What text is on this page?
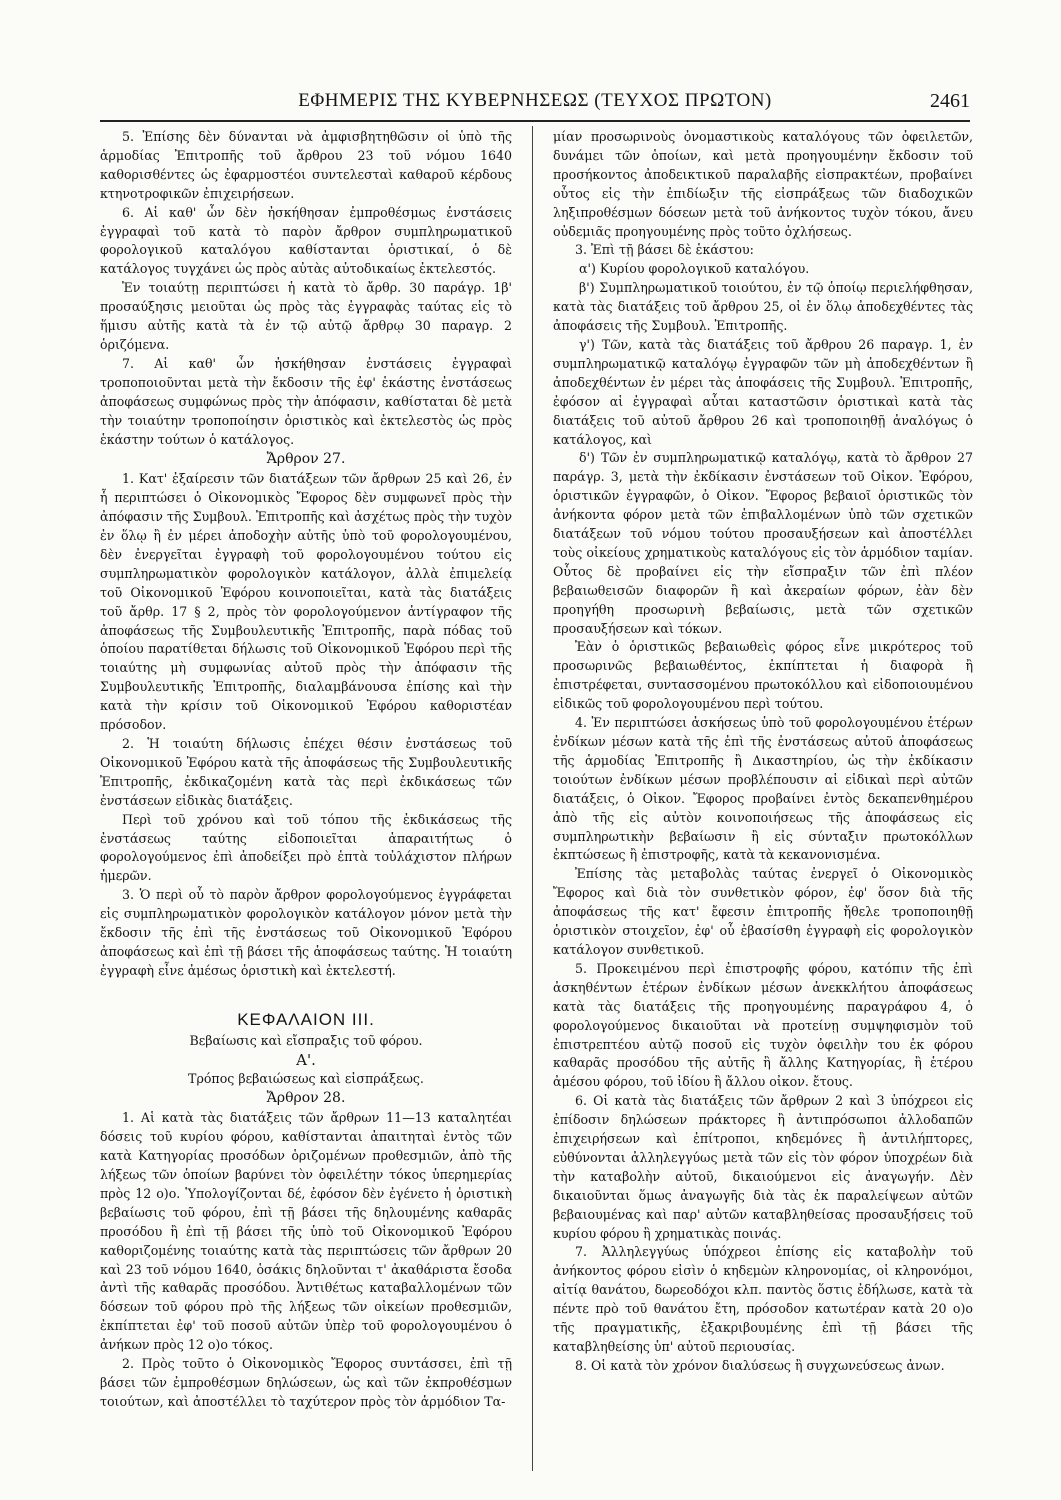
ΕΦΗΜΕΡΙΣ ΤΗΣ ΚΥΒΕΡΝΗΣΕΩΣ (ΤΕΥΧΟΣ ΠΡΩΤΟΝ)	2461

5. Ἐπίσης δὲν δύνανται νὰ ἀμφισβητηθῶσιν οἱ ὑπὸ τῆς ἁρμοδίας Ἐπιτροπῆς τοῦ ἄρθρου 23 τοῦ νόμου 1640 καθορισθέντες ὡς ἐφαρμοστέοι συντελεσταὶ καθαροῦ κέρδους κτηνοτροφικῶν ἐπιχειρήσεων.

6. Αἱ καθ' ὧν δὲν ἠσκήθησαν ἐμπροθέσμως ἐνστάσεις ἐγγραφαὶ τοῦ κατὰ τὸ παρὸν ἄρθρον συμπληρωματικοῦ φορολογικοῦ καταλόγου καθίστανται ὁριστικαί, ὁ δὲ κατάλογος τυγχάνει ὡς πρὸς αὐτὰς αὐτοδικαίως ἐκτελεστός.

Ἐν τοιαύτῃ περιπτώσει ἡ κατὰ τὸ ἄρθρ. 30 παράγρ. 1β' προσαύξησις μειοῦται ὡς πρὸς τὰς ἐγγραφὰς ταύτας εἰς τὸ ἥμισυ αὐτῆς κατὰ τὰ ἐν τῷ αὐτῷ ἄρθρῳ 30 παραγρ. 2 ὁριζόμενα.

7. Αἱ καθ' ὧν ἠσκήθησαν ἐνστάσεις ἐγγραφαὶ τροποποιοῦνται μετὰ τὴν ἔκδοσιν τῆς ἐφ' ἑκάστης ἐνστάσεως ἀποφάσεως συμφώνως πρὸς τὴν ἀπόφασιν, καθίσταται δὲ μετὰ τὴν τοιαύτην τροποποίησιν ὁριστικὸς καὶ ἐκτελεστὸς ὡς πρὸς ἑκάστην τούτων ὁ κατάλογος.

Ἄρθρον 27.

1. Κατ' ἐξαίρεσιν τῶν διατάξεων τῶν ἄρθρων 25 καὶ 26, ἐν ἧ περιπτώσει ὁ Οἰκονομικὸς Ἔφορος δὲν συμφωνεῖ πρὸς τὴν ἀπόφασιν τῆς Συμβουλ. Ἐπιτροπῆς καὶ ἀσχέτως πρὸς τὴν τυχὸν ἐν ὅλῳ ἢ ἐν μέρει ἀποδοχὴν αὐτῆς ὑπὸ τοῦ φορολογουμένου, δὲν ἐνεργεῖται ἐγγραφὴ τοῦ φορολογουμένου τούτου εἰς συμπληρωματικὸν φορολογικὸν κατάλογον, ἀλλὰ ἐπιμελείᾳ τοῦ Οἰκονομικοῦ Ἐφόρου κοινοποιεῖται, κατὰ τὰς διατάξεις τοῦ ἄρθρ. 17 § 2, πρὸς τὸν φορολογούμενον ἀντίγραφον τῆς ἀποφάσεως τῆς Συμβουλευτικῆς Ἐπιτροπῆς, παρὰ πόδας τοῦ ὁποίου παρατίθεται δήλωσις τοῦ Οἰκονομικοῦ Ἐφόρου περὶ τῆς τοιαύτης μὴ συμφωνίας αὐτοῦ πρὸς τὴν ἀπόφασιν τῆς Συμβουλευτικῆς Ἐπιτροπῆς, διαλαμβάνουσα ἐπίσης καὶ τὴν κατὰ τὴν κρίσιν τοῦ Οἰκονομικοῦ Ἐφόρου καθοριστέαν πρόσοδον.

2. Ἡ τοιαύτη δήλωσις ἐπέχει θέσιν ἐνστάσεως τοῦ Οἰκονομικοῦ Ἐφόρου κατὰ τῆς ἀποφάσεως τῆς Συμβουλευτικῆς Ἐπιτροπῆς, ἐκδικαζομένη κατὰ τὰς περὶ ἐκδικάσεως τῶν ἐνστάσεων εἰδικὰς διατάξεις.

Περὶ τοῦ χρόνου καὶ τοῦ τόπου τῆς ἐκδικάσεως τῆς ἐνστάσεως ταύτης εἰδοποιεῖται ἀπαραιτήτως ὁ φορολογούμενος ἐπὶ ἀποδείξει πρὸ ἑπτὰ τοὐλάχιστον πλήρων ἡμερῶν.

3. Ὁ περὶ οὗ τὸ παρὸν ἄρθρον φορολογούμενος ἐγγράφεται εἰς συμπληρωματικὸν φορολογικὸν κατάλογον μόνον μετὰ τὴν ἔκδοσιν τῆς ἐπὶ τῆς ἐνστάσεως τοῦ Οἰκονομικοῦ Ἐφόρου ἀποφάσεως καὶ ἐπὶ τῇ βάσει τῆς ἀποφάσεως ταύτης. Ἡ τοιαύτη ἐγγραφὴ εἶνε ἀμέσως ὁριστικὴ καὶ ἐκτελεστή.

ΚΕΦΑΛΑΙΟΝ ΙΙΙ.

Βεβαίωσις καὶ εἴσπραξις τοῦ φόρου.

Α'.

Τρόπος βεβαιώσεως καὶ εἰσπράξεως.

Ἄρθρον 28.

1. Αἱ κατὰ τὰς διατάξεις τῶν ἄρθρων 11—13 καταλητέαι δόσεις τοῦ κυρίου φόρου, καθίστανται ἀπαιτηταὶ ἐντὸς τῶν κατὰ Κατηγορίας προσόδων ὁριζομένων προθεσμιῶν, ἀπὸ τῆς λήξεως τῶν ὁποίων βαρύνει τὸν ὀφειλέτην τόκος ὑπερημερίας πρὸς 12 ο)ο. Ὑπολογίζονται δέ, ἐφόσον δὲν ἐγένετο ἡ ὁριστικὴ βεβαίωσις τοῦ φόρου, ἐπὶ τῇ βάσει τῆς δηλουμένης καθαρᾶς προσόδου ἢ ἐπὶ τῇ βάσει τῆς ὑπὸ τοῦ Οἰκονομικοῦ Ἐφόρου καθοριζομένης τοιαύτης κατὰ τὰς περιπτώσεις τῶν ἄρθρων 20 καὶ 23 τοῦ νόμου 1640, ὁσάκις δηλοῦνται τ' ἀκαθάριστα ἔσοδα ἀντὶ τῆς καθαρᾶς προσόδου. Ἀντιθέτως καταβαλλομένων τῶν δόσεων τοῦ φόρου πρὸ τῆς λήξεως τῶν οἰκείων προθεσμιῶν, ἐκπίπτεται ἐφ' τοῦ ποσοῦ αὐτῶν ὑπὲρ τοῦ φορολογουμένου ὁ ἀνήκων πρὸς 12 ο)ο τόκος.

2. Πρὸς τοῦτο ὁ Οἰκονομικὸς Ἔφορος συντάσσει, ἐπὶ τῇ βάσει τῶν ἐμπροθέσμων δηλώσεων, ὡς καὶ τῶν ἐκπροθέσμων τοιούτων, καὶ ἀποστέλλει τὸ ταχύτερον πρὸς τὸν ἁρμόδιον Τα-

μίαν προσωρινοὺς ὀνομαστικοὺς καταλόγους τῶν ὀφειλετῶν, δυνάμει τῶν ὁποίων, καὶ μετὰ προηγουμένην ἔκδοσιν τοῦ προσήκοντος ἀποδεικτικοῦ παραλαβῆς εἰσπρακτέων, προβαίνει οὗτος εἰς τὴν ἐπιδίωξιν τῆς εἰσπράξεως τῶν διαδοχικῶν ληξιπροθέσμων δόσεων μετὰ τοῦ ἀνήκοντος τυχὸν τόκου, ἄνευ οὐδεμιᾶς προηγουμένης πρὸς τοῦτο ὀχλήσεως.

3. Ἐπὶ τῇ βάσει δὲ ἑκάστου:

α') Κυρίου φορολογικοῦ καταλόγου.

β') Συμπληρωματικοῦ τοιούτου, ἐν τῷ ὁποίῳ περιελήφθησαν, κατὰ τὰς διατάξεις τοῦ ἄρθρου 25, οἱ ἐν ὅλῳ ἀποδεχθέντες τὰς ἀποφάσεις τῆς Συμβουλ. Ἐπιτροπῆς.

γ') Τῶν, κατὰ τὰς διατάξεις τοῦ ἄρθρου 26 παραγρ. 1, ἐν συμπληρωματικῷ καταλόγῳ ἐγγραφῶν τῶν μὴ ἀποδεχθέντων ἢ ἀποδεχθέντων ἐν μέρει τὰς ἀποφάσεις τῆς Συμβουλ. Ἐπιτροπῆς, ἐφόσον αἱ ἐγγραφαὶ αὗται καταστῶσιν ὁριστικαὶ κατὰ τὰς διατάξεις τοῦ αὐτοῦ ἄρθρου 26 καὶ τροποποιηθῇ ἀναλόγως ὁ κατάλογος, καὶ

δ') Τῶν ἐν συμπληρωματικῷ καταλόγῳ, κατὰ τὸ ἄρθρον 27 παράγρ. 3, μετὰ τὴν ἐκδίκασιν ἐνστάσεων τοῦ Οἰκον. Ἐφόρου, ὁριστικῶν ἐγγραφῶν, ὁ Οἰκον. Ἔφορος βεβαιοῖ ὁριστικῶς τὸν ἀνήκοντα φόρον μετὰ τῶν ἐπιβαλλομένων ὑπὸ τῶν σχετικῶν διατάξεων τοῦ νόμου τούτου προσαυξήσεων καὶ ἀποστέλλει τοὺς οἰκείους χρηματικοὺς καταλόγους εἰς τὸν ἁρμόδιον ταμίαν. Οὗτος δὲ προβαίνει εἰς τὴν εἴσπραξιν τῶν ἐπὶ πλέον βεβαιωθεισῶν διαφορῶν ἢ καὶ ἀκεραίων φόρων, ἐὰν δὲν προηγήθη προσωρινὴ βεβαίωσις, μετὰ τῶν σχετικῶν προσαυξήσεων καὶ τόκων.

Ἐὰν ὁ ὁριστικῶς βεβαιωθεὶς φόρος εἶνε μικρότερος τοῦ προσωρινῶς βεβαιωθέντος, ἐκπίπτεται ἡ διαφορὰ ἢ ἐπιστρέφεται, συντασσομένου πρωτοκόλλου καὶ εἰδοποιουμένου εἰδικῶς τοῦ φορολογουμένου περὶ τούτου.

4. Ἐν περιπτώσει ἀσκήσεως ὑπὸ τοῦ φορολογουμένου ἑτέρων ἐνδίκων μέσων κατὰ τῆς ἐπὶ τῆς ἐνστάσεως αὐτοῦ ἀποφάσεως τῆς ἁρμοδίας Ἐπιτροπῆς ἢ Δικαστηρίου, ὡς τὴν ἐκδίκασιν τοιούτων ἐνδίκων μέσων προβλέπουσιν αἱ εἰδικαὶ περὶ αὐτῶν διατάξεις, ὁ Οἰκον. Ἔφορος προβαίνει ἐντὸς δεκαπενθημέρου ἀπὸ τῆς εἰς αὐτὸν κοινοποιήσεως τῆς ἀποφάσεως εἰς συμπληρωτικὴν βεβαίωσιν ἢ εἰς σύνταξιν πρωτοκόλλων ἐκπτώσεως ἢ ἐπιστροφῆς, κατὰ τὰ κεκανονισμένα.

Ἐπίσης τὰς μεταβολὰς ταύτας ἐνεργεῖ ὁ Οἰκονομικὸς Ἔφορος καὶ διὰ τὸν συνθετικὸν φόρον, ἐφ' ὅσον διὰ τῆς ἀποφάσεως τῆς κατ' ἔφεσιν ἐπιτροπῆς ἤθελε τροποποιηθῇ ὁριστικὸν στοιχεῖον, ἐφ' οὗ ἐβασίσθη ἐγγραφὴ εἰς φορολογικὸν κατάλογον συνθετικοῦ.

5. Προκειμένου περὶ ἐπιστροφῆς φόρου, κατόπιν τῆς ἐπὶ ἀσκηθέντων ἑτέρων ἐνδίκων μέσων ἀνεκκλήτου ἀποφάσεως κατὰ τὰς διατάξεις τῆς προηγουμένης παραγράφου 4, ὁ φορολογούμενος δικαιοῦται νὰ προτείνῃ συμψηφισμὸν τοῦ ἐπιστρεπτέου αὐτῷ ποσοῦ εἰς τυχὸν ὀφειλὴν του ἐκ φόρου καθαρᾶς προσόδου τῆς αὐτῆς ἢ ἄλλης Κατηγορίας, ἢ ἑτέρου ἀμέσου φόρου, τοῦ ἰδίου ἢ ἄλλου οἰκον. ἔτους.

6. Οἱ κατὰ τὰς διατάξεις τῶν ἄρθρων 2 καὶ 3 ὑπόχρεοι εἰς ἐπίδοσιν δηλώσεων πράκτορες ἢ ἀντιπρόσωποι ἀλλοδαπῶν ἐπιχειρήσεων καὶ ἐπίτροποι, κηδεμόνες ἢ ἀντιλήπτορες, εὐθύνονται ἀλληλεγγύως μετὰ τῶν εἰς τὸν φόρον ὑποχρέων διὰ τὴν καταβολὴν αὐτοῦ, δικαιούμενοι εἰς ἀναγωγήν. Δὲν δικαιοῦνται ὅμως ἀναγωγῆς διὰ τὰς ἐκ παραλείψεων αὐτῶν βεβαιουμένας καὶ παρ' αὐτῶν καταβληθείσας προσαυξήσεις τοῦ κυρίου φόρου ἢ χρηματικὰς ποινάς.

7. Ἀλληλεγγύως ὑπόχρεοι ἐπίσης εἰς καταβολὴν τοῦ ἀνήκοντος φόρου εἰσὶν ὁ κηδεμὼν κληρονομίας, οἱ κληρονόμοι, αἰτίᾳ θανάτου, δωρεοδόχοι κλπ. παντὸς ὅστις ἐδήλωσε, κατὰ τὰ πέντε πρὸ τοῦ θανάτου ἔτη, πρόσοδον κατωτέραν κατὰ 20 ο)ο τῆς πραγματικῆς, ἐξακριβουμένης ἐπὶ τῇ βάσει τῆς καταβληθείσης ὑπ' αὐτοῦ περιουσίας.

8. Οἱ κατὰ τὸν χρόνον διαλύσεως ἢ συγχωνεύσεως ἀνων.
